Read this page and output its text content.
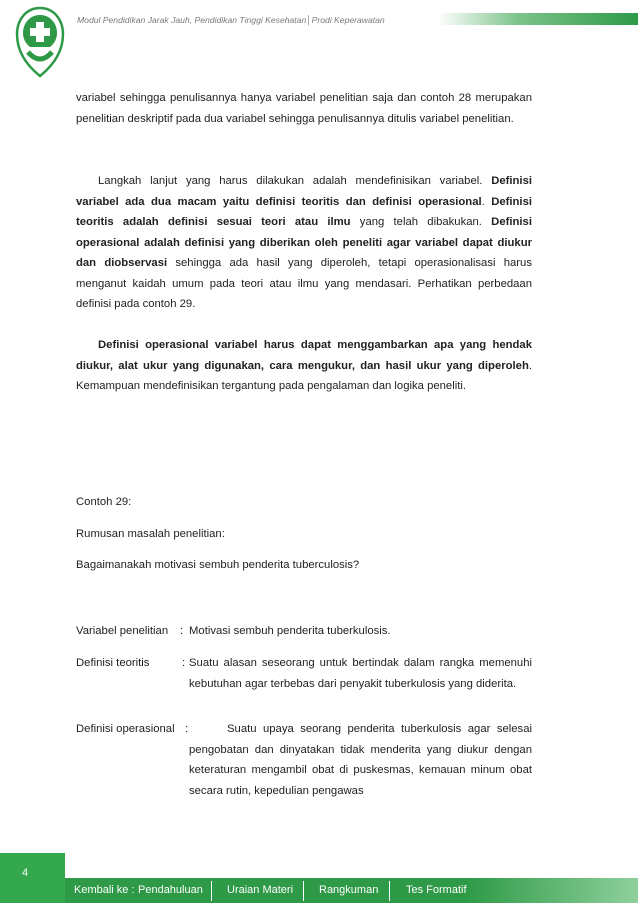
Modul Pendidikan Jarak Jauh, Pendidikan Tinggi Kesehatan│Prodi Keperawatan

variabel sehingga penulisannya hanya variabel penelitian saja dan contoh 28 merupakan penelitian deskriptif pada dua variabel sehingga penulisannya ditulis variabel penelitian.

Langkah lanjut yang harus dilakukan adalah mendefinisikan variabel. Definisi variabel ada dua macam yaitu definisi teoritis dan definisi operasional. Definisi teoritis adalah definisi sesuai teori atau ilmu yang telah dibakukan. Definisi operasional adalah definisi yang diberikan oleh peneliti agar variabel dapat diukur dan diobservasi sehingga ada hasil yang diperoleh, tetapi operasionalisasi harus menganut kaidah umum pada teori atau ilmu yang mendasari. Perhatikan perbedaan definisi pada contoh 29.

Definisi operasional variabel harus dapat menggambarkan apa yang hendak diukur, alat ukur yang digunakan, cara mengukur, dan hasil ukur yang diperoleh. Kemampuan mendefinisikan tergantung pada pengalaman dan logika peneliti.

Contoh 29:
Rumusan masalah penelitian:
Bagaimanakah motivasi sembuh penderita tuberculosis?
Variabel penelitian : Motivasi sembuh penderita tuberkulosis.
Definisi teoritis	: Suatu alasan seseorang untuk bertindak dalam rangka memenuhi kebutuhan agar terbebas dari penyakit tuberkulosis yang diderita.
Definisi operasional :	Suatu upaya seorang penderita tuberkulosis agar selesai pengobatan dan dinyatakan tidak menderita yang diukur dengan keteraturan mengambil obat di puskesmas, kemauan minum obat secara rutin, kepedulian pengawas
4
Kembali ke : Pendahuluan Uraian Materi Rangkuman	Tes Formatif
